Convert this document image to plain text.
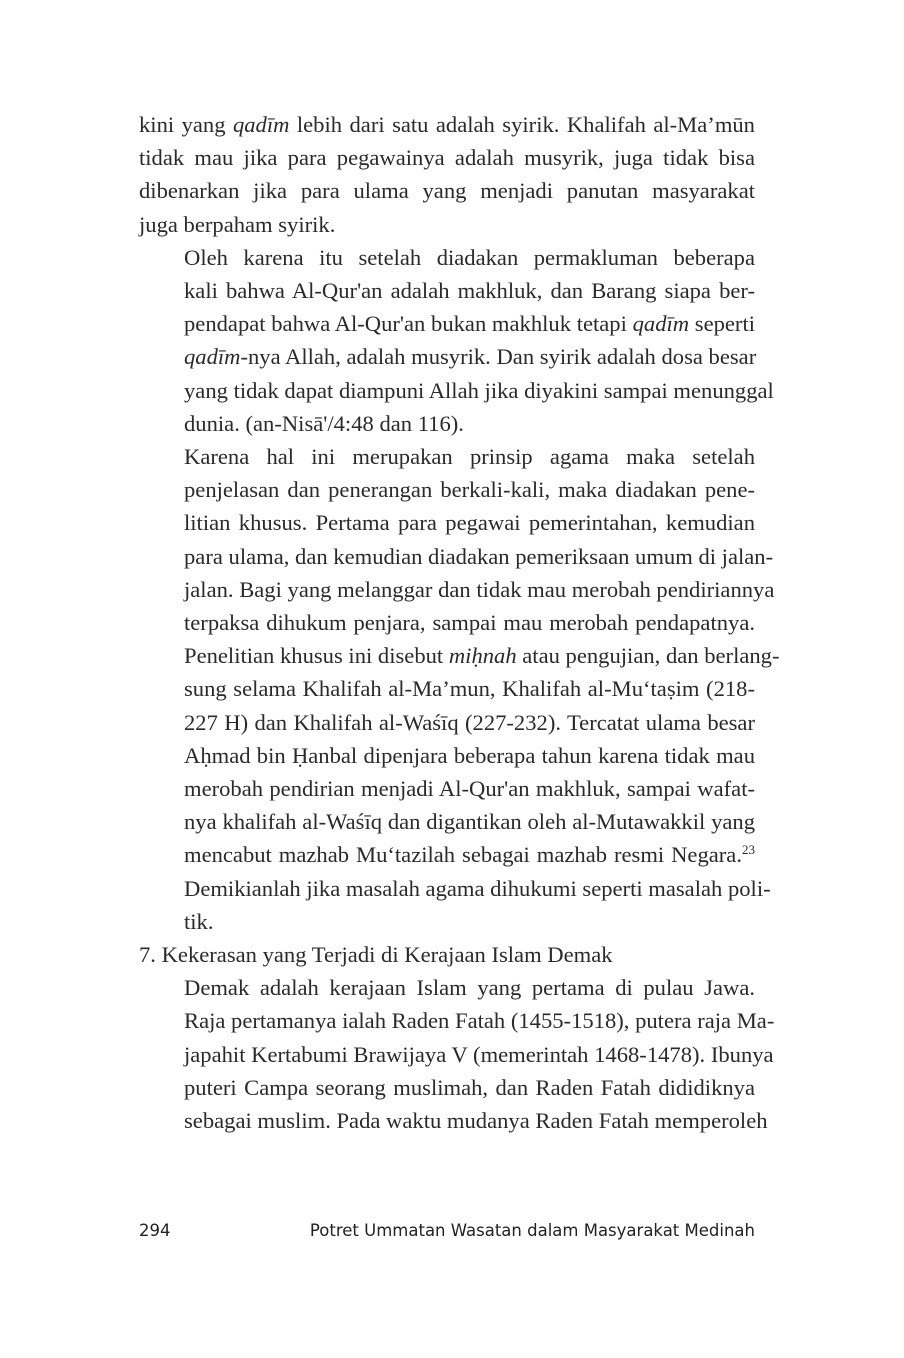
kini yang qadīm lebih dari satu adalah syirik. Khalifah al-Ma’mūn
tidak mau jika para pegawainya adalah musyrik, juga tidak bisa
dibenarkan jika para ulama yang menjadi panutan masyarakat
juga berpaham syirik.

Oleh karena itu setelah diadakan permakluman beberapa
kali bahwa Al-Qur'an adalah makhluk, dan Barang siapa ber-
pendapat bahwa Al-Qur'an bukan makhluk tetapi qadīm seperti
qadīm-nya Allah, adalah musyrik. Dan syirik adalah dosa besar
yang tidak dapat diampuni Allah jika diyakini sampai menunggal
dunia. (an-Nisā'/4:48 dan 116).

Karena hal ini merupakan prinsip agama maka setelah
penjelasan dan penerangan berkali-kali, maka diadakan pene-
litian khusus. Pertama para pegawai pemerintahan, kemudian
para ulama, dan kemudian diadakan pemeriksaan umum di jalan-
jalan. Bagi yang melanggar dan tidak mau merobah pendiriannya
terpaksa dihukum penjara, sampai mau merobah pendapatnya.
Penelitian khusus ini disebut miḥnah atau pengujian, dan berlang-
sung selama Khalifah al-Ma’mun, Khalifah al-Mu‘taṣim (218-
227 H) dan Khalifah al-Waśīq (227-232). Tercatat ulama besar
Aḥmad bin Ḥanbal dipenjara beberapa tahun karena tidak mau
merobah pendirian menjadi Al-Qur'an makhluk, sampai wafat-
nya khalifah al-Waśīq dan digantikan oleh al-Mutawakkil yang
mencabut mazhab Mu‘tazilah sebagai mazhab resmi Negara.$^{23}$
Demikianlah jika masalah agama dihukumi seperti masalah poli-
tik.

7. Kekerasan yang Terjadi di Kerajaan Islam Demak

Demak adalah kerajaan Islam yang pertama di pulau Jawa.
Raja pertamanya ialah Raden Fatah (1455-1518), putera raja Ma-
japahit Kertabumi Brawijaya V (memerintah 1468-1478). Ibunya
puteri Campa seorang muslimah, dan Raden Fatah dididiknya
sebagai muslim. Pada waktu mudanya Raden Fatah memperoleh

294	Potret Ummatan Wasatan dalam Masyarakat Medinah
